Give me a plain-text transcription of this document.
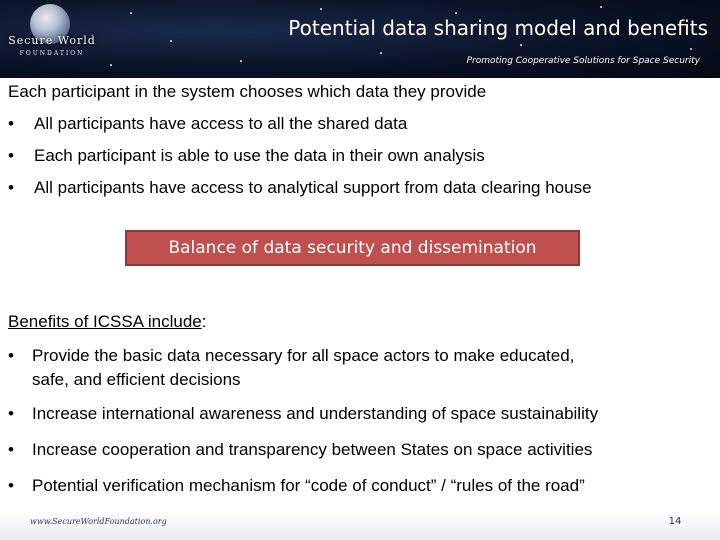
Secure World
FOUNDATION
Potential data sharing model and benefits
Promoting Cooperative Solutions for Space Security
Each participant in the system chooses which data they provide
• All participants have access to all the shared data
• Each participant is able to use the data in their own analysis
• All participants have access to analytical support from data clearing house
Benefits of ICSSA include:
• Provide the basic data necessary for all space actors to make educated,
safe, and efficient decisions
• Increase international awareness and understanding of space sustainability
• Increase cooperation and transparency between States on space activities
• Potential verification mechanism for “code of conduct” / “rules of the road”
Balance of data security and dissemination
www.SecureWorldFoundation.org	14
